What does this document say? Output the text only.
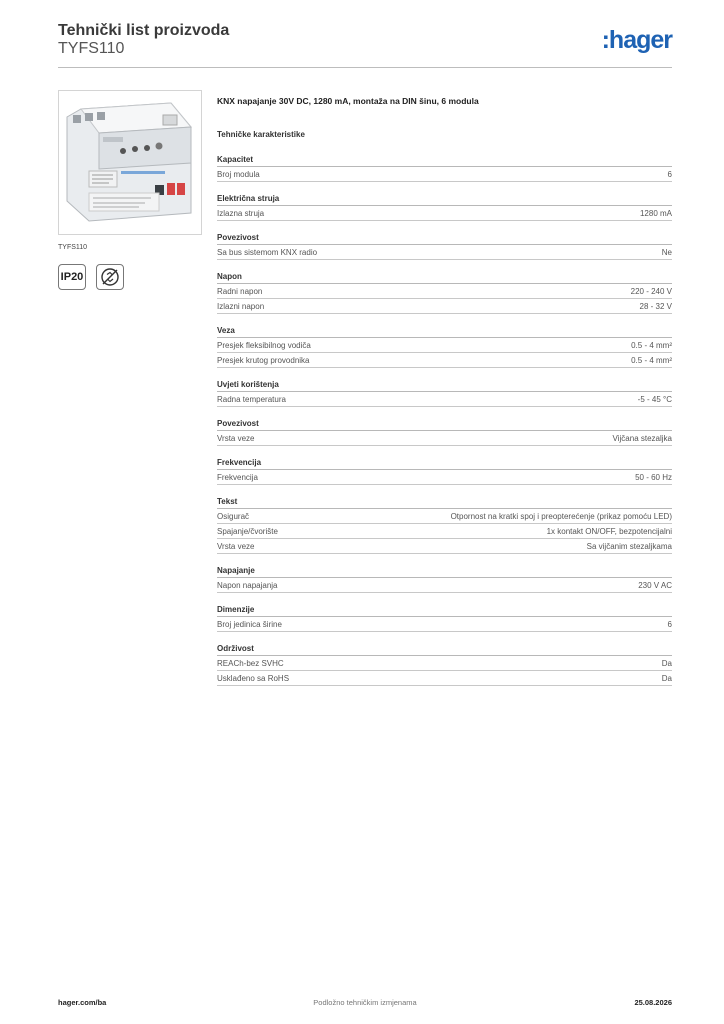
Tehnički list proizvoda
TYFS110	:hager
TYFS110
IP20
KNX napajanje 30V DC, 1280 mA, montaža na DIN šinu, 6 modula
Tehničke karakteristike
Kapacitet
Broj modula	6
Električna struja
Izlazna struja	1280 mA
Povezivost
Sa bus sistemom KNX radio	Ne
Napon
Radni napon	220 - 240 V
Izlazni napon	28 - 32 V
Veza
Presjek fleksibilnog vodiča	0.5 - 4 mm²
Presjek krutog provodnika	0.5 - 4 mm²
Uvjeti korištenja
Radna temperatura	-5 - 45 °C
Povezivost
Vrsta veze	Vijčana stezaljka
Frekvencija
Frekvencija	50 - 60 Hz
Tekst
Osigurač	Otpornost na kratki spoj i preopterećenje (prikaz pomoću LED)
Spajanje/čvorište	1x kontakt ON/OFF, bezpotencijalni
Vrsta veze	Sa vijčanim stezaljkama
Napajanje
Napon napajanja	230 V AC
Dimenzije
Broj jedinica širine	6
Održivost
REACh-bez SVHC	Da
Usklađeno sa RoHS	Da
hager.com/ba	Podložno tehničkim izmjenama	25.08.2026
